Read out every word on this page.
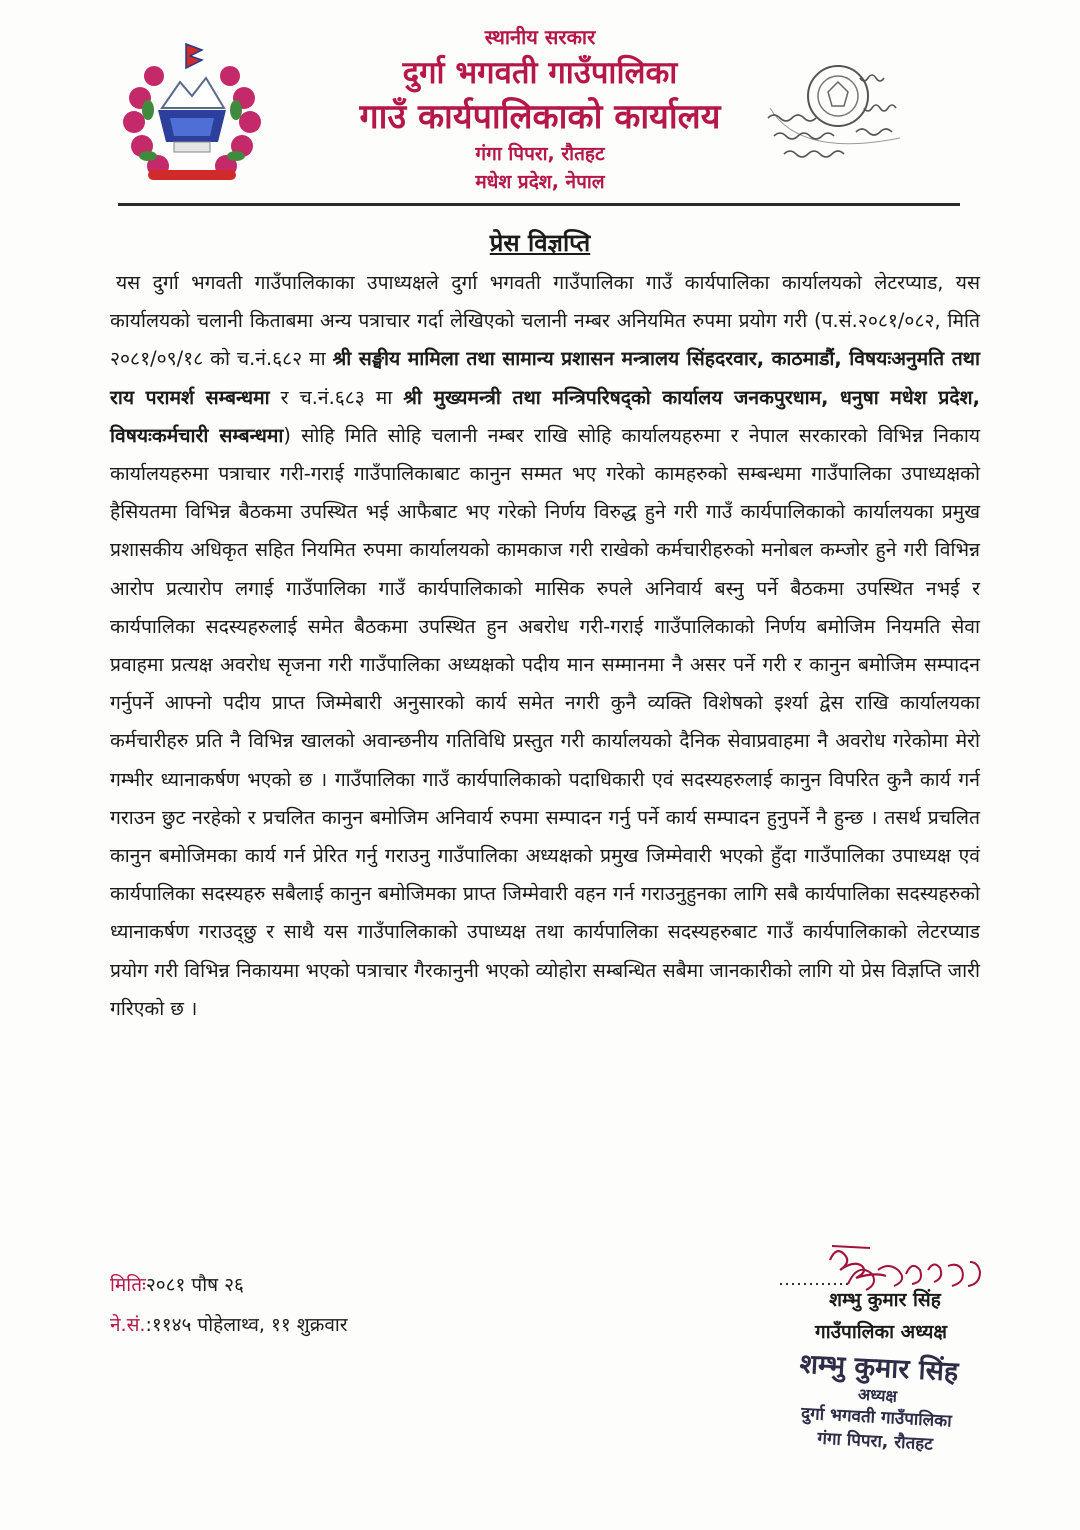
स्थानीय सरकार
दुर्गा भगवती गाउँपालिका
गाउँ कार्यपालिकाको कार्यालय
गंगा पिपरा, रौतहट
मधेश प्रदेश, नेपाल
प्रेस विज्ञप्ति
यस दुर्गा भगवती गाउँपालिकाका उपाध्यक्षले दुर्गा भगवती गाउँपालिका गाउँ कार्यपालिका कार्यालयको लेटरप्याड, यस कार्यालयको चलानी किताबमा अन्य पत्राचार गर्दा लेखिएको चलानी नम्बर अनियमित रुपमा प्रयोग गरी (प.सं.२०८१/०८२, मिति २०८१/०९/१८ को च.नं.६८२ मा श्री सङ्घीय मामिला तथा सामान्य प्रशासन मन्त्रालय सिंहदरवार, काठमाडौं, विषयःअनुमति तथा राय परामर्श सम्बन्धमा र च.नं.६८३ मा श्री मुख्यमन्त्री तथा मन्त्रिपरिषद्को कार्यालय जनकपुरधाम, धनुषा मधेश प्रदेश, विषयःकर्मचारी सम्बन्धमा) सोहि मिति सोहि चलानी नम्बर राखि सोहि कार्यालयहरुमा र नेपाल सरकारको विभिन्न निकाय कार्यालयहरुमा पत्राचार गरी-गराई गाउँपालिकाबाट कानुन सम्मत भए गरेको कामहरुको सम्बन्धमा गाउँपालिका उपाध्यक्षको हैसियतमा विभिन्न बैठकमा उपस्थित भई आफैबाट भए गरेको निर्णय विरुद्ध हुने गरी गाउँ कार्यपालिकाको कार्यालयका प्रमुख प्रशासकीय अधिकृत सहित नियमित रुपमा कार्यालयको कामकाज गरी राखेको कर्मचारीहरुको मनोबल कम्जोर हुने गरी विभिन्न आरोप प्रत्यारोप लगाई गाउँपालिका गाउँ कार्यपालिकाको मासिक रुपले अनिवार्य बस्नु पर्ने बैठकमा उपस्थित नभई र कार्यपालिका सदस्यहरुलाई समेत बैठकमा उपस्थित हुन अबरोध गरी-गराई गाउँपालिकाको निर्णय बमोजिम नियमति सेवा प्रवाहमा प्रत्यक्ष अवरोध सृजना गरी गाउँपालिका अध्यक्षको पदीय मान सम्मानमा नै असर पर्ने गरी र कानुन बमोजिम सम्पादन गर्नुपर्ने आफ्नो पदीय प्राप्त जिम्मेबारी अनुसारको कार्य समेत नगरी कुनै व्यक्ति विशेषको इर्श्या द्वेस राखि कार्यालयका कर्मचारीहरु प्रति नै विभिन्न खालको अवान्छनीय गतिविधि प्रस्तुत गरी कार्यालयको दैनिक सेवाप्रवाहमा नै अवरोध गरेकोमा मेरो गम्भीर ध्यानाकर्षण भएको छ । गाउँपालिका गाउँ कार्यपालिकाको पदाधिकारी एवं सदस्यहरुलाई कानुन विपरित कुनै कार्य गर्न गराउन छुट नरहेको र प्रचलित कानुन बमोजिम अनिवार्य रुपमा सम्पादन गर्नु पर्ने कार्य सम्पादन हुनुपर्ने नै हुन्छ । तसर्थ प्रचलित कानुन बमोजिमका कार्य गर्न प्रेरित गर्नु गराउनु गाउँपालिका अध्यक्षको प्रमुख जिम्मेवारी भएको हुँदा गाउँपालिका उपाध्यक्ष एवं कार्यपालिका सदस्यहरु सबैलाई कानुन बमोजिमका प्राप्त जिम्मेवारी वहन गर्न गराउनुहुनका लागि सबै कार्यपालिका सदस्यहरुको ध्यानाकर्षण गराउद्छु र साथै यस गाउँपालिकाको उपाध्यक्ष तथा कार्यपालिका सदस्यहरुबाट गाउँ कार्यपालिकाको लेटरप्याड प्रयोग गरी विभिन्न निकायमा भएको पत्राचार गैरकानुनी भएको व्योहोरा सम्बन्धित सबैमा जानकारीको लागि यो प्रेस विज्ञप्ति जारी गरिएको छ ।
मितिः२०८१ पौष २६
ने.सं.:११४५ पोहेलाथ्व, ११ शुक्रवार
शम्भु कुमार सिंह
गाउँपालिका अध्यक्ष
शम्भु कुमार सिंह
अध्यक्ष
दुर्गा भगवती गाउँपालिका
गंगा पिपरा, रौतहट
